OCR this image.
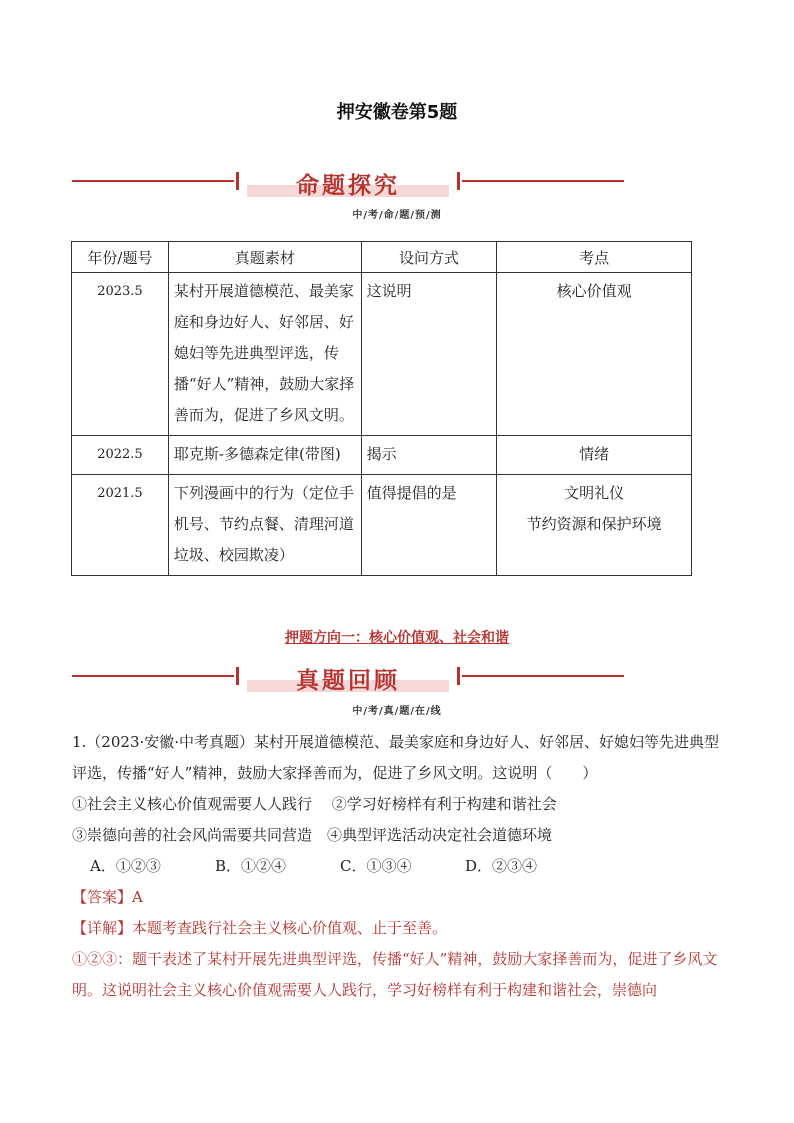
押安徽卷第5题
命题探究
中/考/命/题/预/测
年份/题号	真题素材	设问方式	考点
2023.5	某村开展道德模范、最美家庭和身边好人、好邻居、好媳妇等先进典型评选，传播“好人”精神，鼓励大家择善而为，促进了乡风文明。	这说明	核心价值观
2022.5	耶克斯-多德森定律(带图)	揭示	情绪
2021.5	下列漫画中的行为（定位手机号、节约点餐、清理河道垃圾、校园欺凌）	值得提倡的是	文明礼仪
节约资源和保护环境
押题方向一：核心价值观、社会和谐
真题回顾
中/考/真/题/在/线

1.（2023·安徽·中考真题）某村开展道德模范、最美家庭和身边好人、好邻居、好媳妇等先进典型评选，传播“好人”精神，鼓励大家择善而为，促进了乡风文明。这说明（　　）

①社会主义核心价值观需要人人践行　 ②学习好榜样有利于构建和谐社会

③崇德向善的社会风尚需要共同营造　④典型评选活动决定社会道德环境

A．①②③	B．①②④	C．①③④	D．②③④

【答案】A

【详解】本题考查践行社会主义核心价值观、止于至善。

①②③：题干表述了某村开展先进典型评选，传播“好人”精神，鼓励大家择善而为，促进了乡风文明。这说明社会主义核心价值观需要人人践行，学习好榜样有利于构建和谐社会，崇德向
